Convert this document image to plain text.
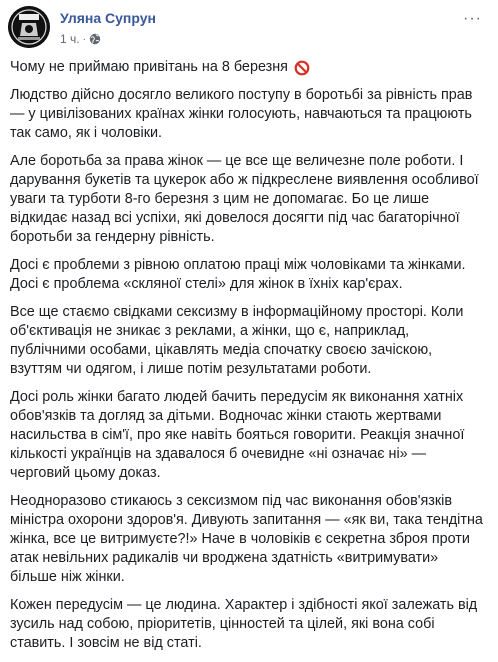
Уляна Супрун
1 ч. ·
···

Чому не приймаю привітань на 8 березня

Людство дійсно досягло великого поступу в боротьбі за рівність прав — у цивілізованих країнах жінки голосують, навчаються та працюють так само, як і чоловіки.

Але боротьба за права жінок — це все ще величезне поле роботи. І дарування букетів та цукерок або ж підкреслене виявлення особливої уваги та турботи 8-го березня з цим не допомагає. Бо це лише відкидає назад всі успіхи, які довелося досягти під час багаторічної боротьби за гендерну рівність.

Досі є проблеми з рівною оплатою праці між чоловіками та жінками. Досі є проблема «скляної стелі» для жінок в їхніх кар'єрах.

Все ще стаємо свідками сексизму в інформаційному просторі. Коли об'єктивація не зникає з реклами, а жінки, що є, наприклад, публічними особами, цікавлять медіа спочатку своєю зачіскою, взуттям чи одягом, і лише потім результатами роботи.

Досі роль жінки багато людей бачить передусім як виконання хатніх обов'язків та догляд за дітьми. Водночас жінки стають жертвами насильства в сім'ї, про яке навіть бояться говорити. Реакція значної кількості українців на здавалося б очевидне «ні означає ні» — черговий цьому доказ.

Неодноразово стикаюсь з сексизмом під час виконання обов'язків міністра охорони здоров'я. Дивують запитання — «як ви, така тендітна жінка, все це витримуєте?!» Наче в чоловіків є секретна зброя проти атак невільних радикалів чи вроджена здатність «витримувати» більше ніж жінки.

Кожен передусім — це людина. Характер і здібності якої залежать від зусиль над собою, пріоритетів, цінностей та цілей, які вона собі ставить. І зовсім не від статі.
